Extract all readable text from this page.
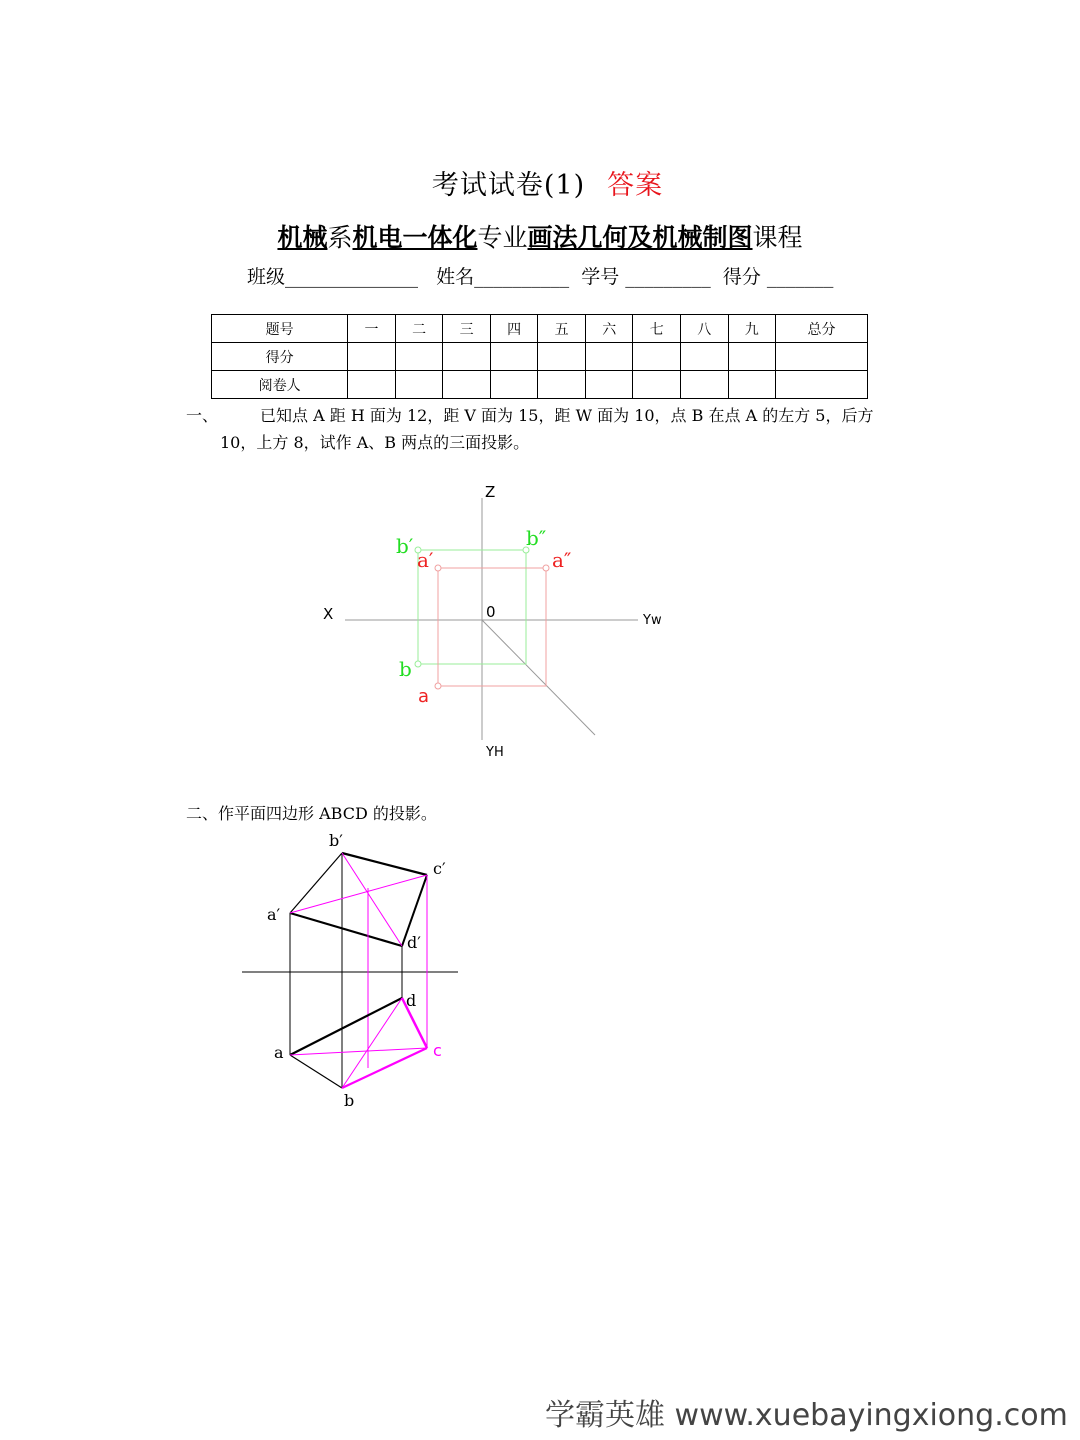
考试试卷(1) 答案
机械系机电一体化专业画法几何及机械制图课程
班级______________   姓名__________  学号 _________  得分 _______
题号	一	二	三	四	五	六	七	八	九	总分
得分										
阅卷人										
一、	已知点 A 距 H 面为 12，距 V 面为 15，距 W 面为 10，点 B 在点 A 的左方 5，后方
10，上方 8，试作 A、B 两点的三面投影。
Z
X	0	Yw
YH
b′	b″
b
a′	a″
a
二、作平面四边形 ABCD 的投影。
b′
c′
a′
d′
d
a	c
b
学霸英雄 www.xuebayingxiong.com
